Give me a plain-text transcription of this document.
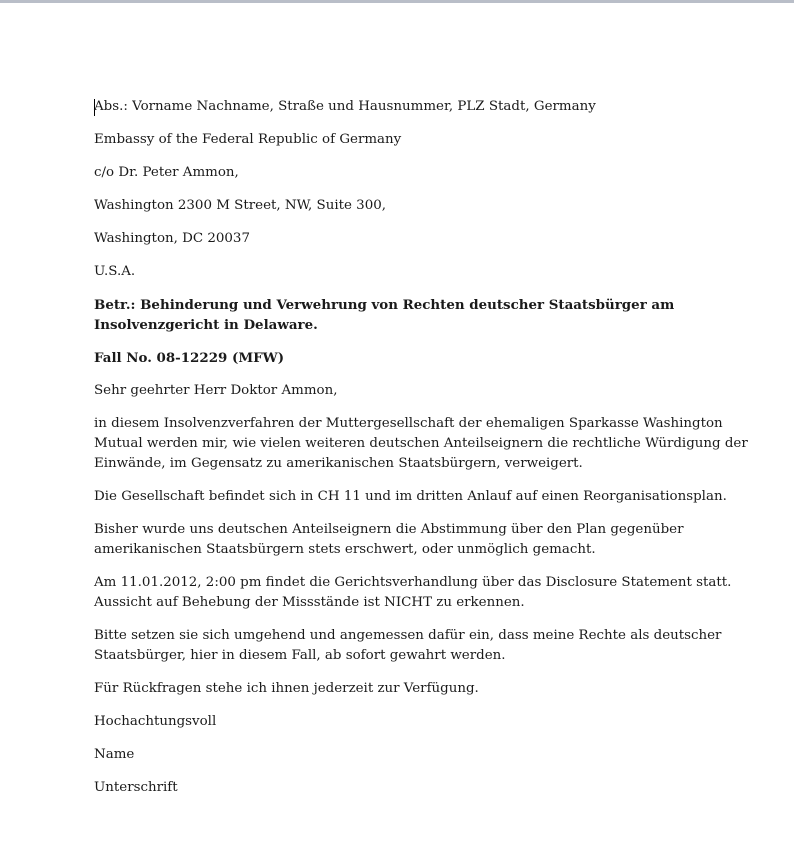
Abs.: Vorname Nachname, Straße und Hausnummer, PLZ Stadt, Germany
Embassy of the Federal Republic of Germany
c/o Dr. Peter Ammon,
Washington 2300 M Street, NW, Suite 300,
Washington, DC 20037
U.S.A.
Betr.: Behinderung und Verwehrung von Rechten deutscher Staatsbürger am
Insolvenzgericht in Delaware.
Fall No. 08-12229 (MFW)
Sehr geehrter Herr Doktor Ammon,
in diesem Insolvenzverfahren der Muttergesellschaft der ehemaligen Sparkasse Washington
Mutual werden mir, wie vielen weiteren deutschen Anteilseignern die rechtliche Würdigung der
Einwände, im Gegensatz zu amerikanischen Staatsbürgern, verweigert.
Die Gesellschaft befindet sich in CH 11 und im dritten Anlauf auf einen Reorganisationsplan.
Bisher wurde uns deutschen Anteilseignern die Abstimmung über den Plan gegenüber
amerikanischen Staatsbürgern stets erschwert, oder unmöglich gemacht.
Am 11.01.2012, 2:00 pm findet die Gerichtsverhandlung über das Disclosure Statement statt.
Aussicht auf Behebung der Missstände ist NICHT zu erkennen.
Bitte setzen sie sich umgehend und angemessen dafür ein, dass meine Rechte als deutscher
Staatsbürger, hier in diesem Fall, ab sofort gewahrt werden.
Für Rückfragen stehe ich ihnen jederzeit zur Verfügung.
Hochachtungsvoll
Name
Unterschrift
